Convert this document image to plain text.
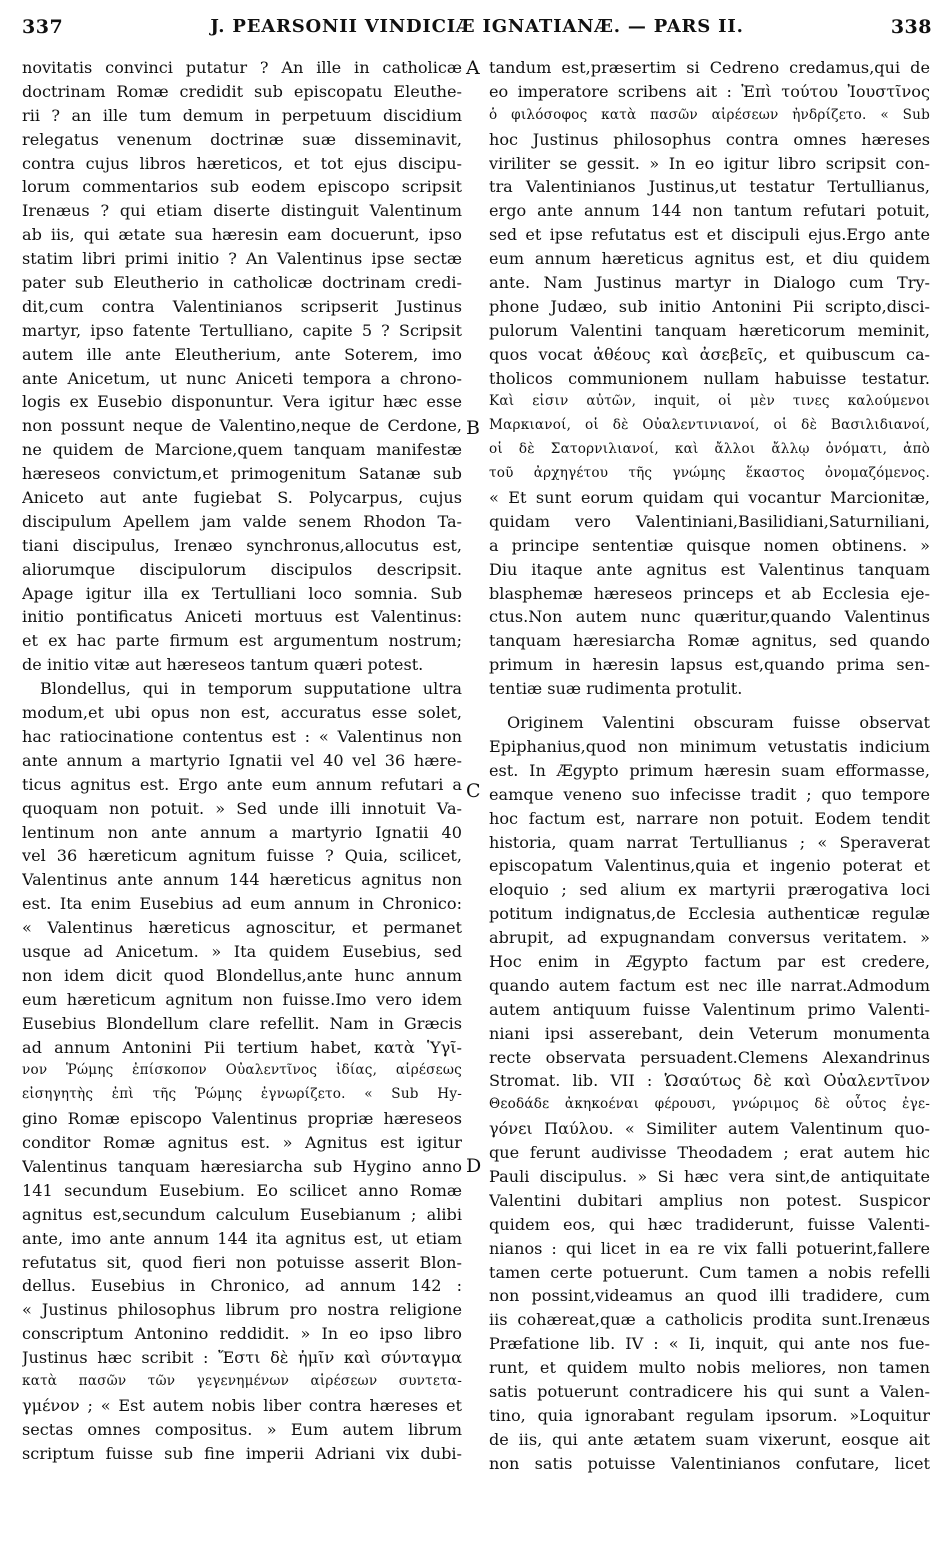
337	J. PEARSONII VINDICIÆ IGNATIANÆ. — PARS II.	338
novitatis convinci putatur ? An ille in catholicæ
doctrinam Romæ credidit sub episcopatu Eleuthe-
rii ? an ille tum demum in perpetuum discidium
relegatus venenum doctrinæ suæ disseminavit,
contra cujus libros hæreticos, et tot ejus discipu-
lorum commentarios sub eodem episcopo scripsit
Irenæus ? qui etiam diserte distinguit Valentinum
ab iis, qui ætate sua hæresin eam docuerunt, ipso
statim libri primi initio ? An Valentinus ipse sectæ
pater sub Eleutherio in catholicæ doctrinam credi-
dit,cum contra Valentinianos scripserit Justinus
martyr, ipso fatente Tertulliano, capite 5 ? Scripsit
autem ille ante Eleutherium, ante Soterem, imo
ante Anicetum, ut nunc Aniceti tempora a chrono-
logis ex Eusebio disponuntur. Vera igitur hæc esse
non possunt neque de Valentino,neque de Cerdone,
ne quidem de Marcione,quem tanquam manifestæ
hæreseos convictum,et primogenitum Satanæ sub
Aniceto aut ante fugiebat S. Polycarpus, cujus
discipulum Apellem jam valde senem Rhodon Ta-
tiani discipulus, Irenæo synchronus,allocutus est,
aliorumque discipulorum discipulos descripsit.
Apage igitur illa ex Tertulliani loco somnia. Sub
initio pontificatus Aniceti mortuus est Valentinus:
et ex hac parte firmum est argumentum nostrum;
de initio vitæ aut hæreseos tantum quæri potest.
Blondellus, qui in temporum supputatione ultra
modum,et ubi opus non est, accuratus esse solet,
hac ratiocinatione contentus est : « Valentinus non
ante annum a martyrio Ignatii vel 40 vel 36 hære-
ticus agnitus est. Ergo ante eum annum refutari a
quoquam non potuit. » Sed unde illi innotuit Va-
lentinum non ante annum a martyrio Ignatii 40
vel 36 hæreticum agnitum fuisse ? Quia, scilicet,
Valentinus ante annum 144 hæreticus agnitus non
est. Ita enim Eusebius ad eum annum in Chronico:
« Valentinus hæreticus agnoscitur, et permanet
usque ad Anicetum. » Ita quidem Eusebius, sed
non idem dicit quod Blondellus,ante hunc annum
eum hæreticum agnitum non fuisse.Imo vero idem
Eusebius Blondellum clare refellit. Nam in Græcis
ad annum Antonini Pii tertium habet, κατὰ Ὑγῖ-
νον Ῥώμης ἐπίσκοπον Οὐαλεντῖνος ἰδίας, αἱρέσεως
εἰσηγητὴς ἐπὶ τῆς Ῥώμης ἐγνωρίζετο. « Sub Hy-
gino Romæ episcopo Valentinus propriæ hæreseos
conditor Romæ agnitus est. » Agnitus est igitur
Valentinus tanquam hæresiarcha sub Hygino anno
141 secundum Eusebium. Eo scilicet anno Romæ
agnitus est,secundum calculum Eusebianum ; alibi
ante, imo ante annum 144 ita agnitus est, ut etiam
refutatus sit, quod fieri non potuisse asserit Blon-
dellus. Eusebius in Chronico, ad annum 142 :
« Justinus philosophus librum pro nostra religione
conscriptum Antonino reddidit. » In eo ipso libro
Justinus hæc scribit : Ἔστι δὲ ἡμῖν καὶ σύνταγμα
κατὰ πασῶν τῶν γεγενημένων αἱρέσεων συντετα-
γμένον ; « Est autem nobis liber contra hæreses et
sectas omnes compositus. » Eum autem librum
scriptum fuisse sub fine imperii Adriani vix dubi-
A
B
C
D
tandum est,præsertim si Cedreno credamus,qui de
eo imperatore scribens ait : Ἐπὶ τούτου Ἰουστῖνος
ὁ φιλόσοφος κατὰ πασῶν αἱρέσεων ἠνδρίζετο. « Sub
hoc Justinus philosophus contra omnes hæreses
viriliter se gessit. » In eo igitur libro scripsit con-
tra Valentinianos Justinus,ut testatur Tertullianus,
ergo ante annum 144 non tantum refutari potuit,
sed et ipse refutatus est et discipuli ejus.Ergo ante
eum annum hæreticus agnitus est, et diu quidem
ante. Nam Justinus martyr in Dialogo cum Try-
phone Judæo, sub initio Antonini Pii scripto,disci-
pulorum Valentini tanquam hæreticorum meminit,
quos vocat ἀθέους καὶ ἀσεβεῖς, et quibuscum ca-
tholicos communionem nullam habuisse testatur.
Καὶ εἰσιν αὐτῶν, inquit, οἱ μὲν τινες καλούμενοι
Μαρκιανοί, οἱ δὲ Οὐαλεντινιανοί, οἱ δὲ Βασιλιδιανοί,
οἱ δὲ Σατορνιλιανοί, καὶ ἄλλοι ἄλλῳ ὀνόματι, ἀπὸ
τοῦ ἀρχηγέτου τῆς γνώμης ἕκαστος ὀνομαζόμενος.
« Et sunt eorum quidam qui vocantur Marcionitæ,
quidam vero Valentiniani,Basilidiani,Saturniliani,
a principe sententiæ quisque nomen obtinens. »
Diu itaque ante agnitus est Valentinus tanquam
blasphemæ hæreseos princeps et ab Ecclesia eje-
ctus.Non autem nunc quæritur,quando Valentinus
tanquam hæresiarcha Romæ agnitus, sed quando
primum in hæresin lapsus est,quando prima sen-
tentiæ suæ rudimenta protulit.
Originem Valentini obscuram fuisse observat
Epiphanius,quod non minimum vetustatis indicium
est. In Ægypto primum hæresin suam efformasse,
eamque veneno suo infecisse tradit ; quo tempore
hoc factum est, narrare non potuit. Eodem tendit
historia, quam narrat Tertullianus ; « Speraverat
episcopatum Valentinus,quia et ingenio poterat et
eloquio ; sed alium ex martyrii prærogativa loci
potitum indignatus,de Ecclesia authenticæ regulæ
abrupit, ad expugnandam conversus veritatem. »
Hoc enim in Ægypto factum par est credere,
quando autem factum est nec ille narrat.Admodum
autem antiquum fuisse Valentinum primo Valenti-
niani ipsi asserebant, dein Veterum monumenta
recte observata persuadent.Clemens Alexandrinus
Stromat. lib. VII : Ὡσαύτως δὲ καὶ Οὐαλεντῖνον
Θεοδάδε ἀκηκοέναι φέρουσι, γνώριμος δὲ οὗτος ἐγε-
γόνει Παύλου. « Similiter autem Valentinum quo-
que ferunt audivisse Theodadem ; erat autem hic
Pauli discipulus. » Si hæc vera sint,de antiquitate
Valentini dubitari amplius non potest. Suspicor
quidem eos, qui hæc tradiderunt, fuisse Valenti-
nianos : qui licet in ea re vix falli potuerint,fallere
tamen certe potuerunt. Cum tamen a nobis refelli
non possint,videamus an quod illi tradidere, cum
iis cohæreat,quæ a catholicis prodita sunt.Irenæus
Præfatione lib. IV : « Ii, inquit, qui ante nos fue-
runt, et quidem multo nobis meliores, non tamen
satis potuerunt contradicere his qui sunt a Valen-
tino, quia ignorabant regulam ipsorum. »Loquitur
de iis, qui ante ætatem suam vixerunt, eosque ait
non satis potuisse Valentinianos confutare, licet
